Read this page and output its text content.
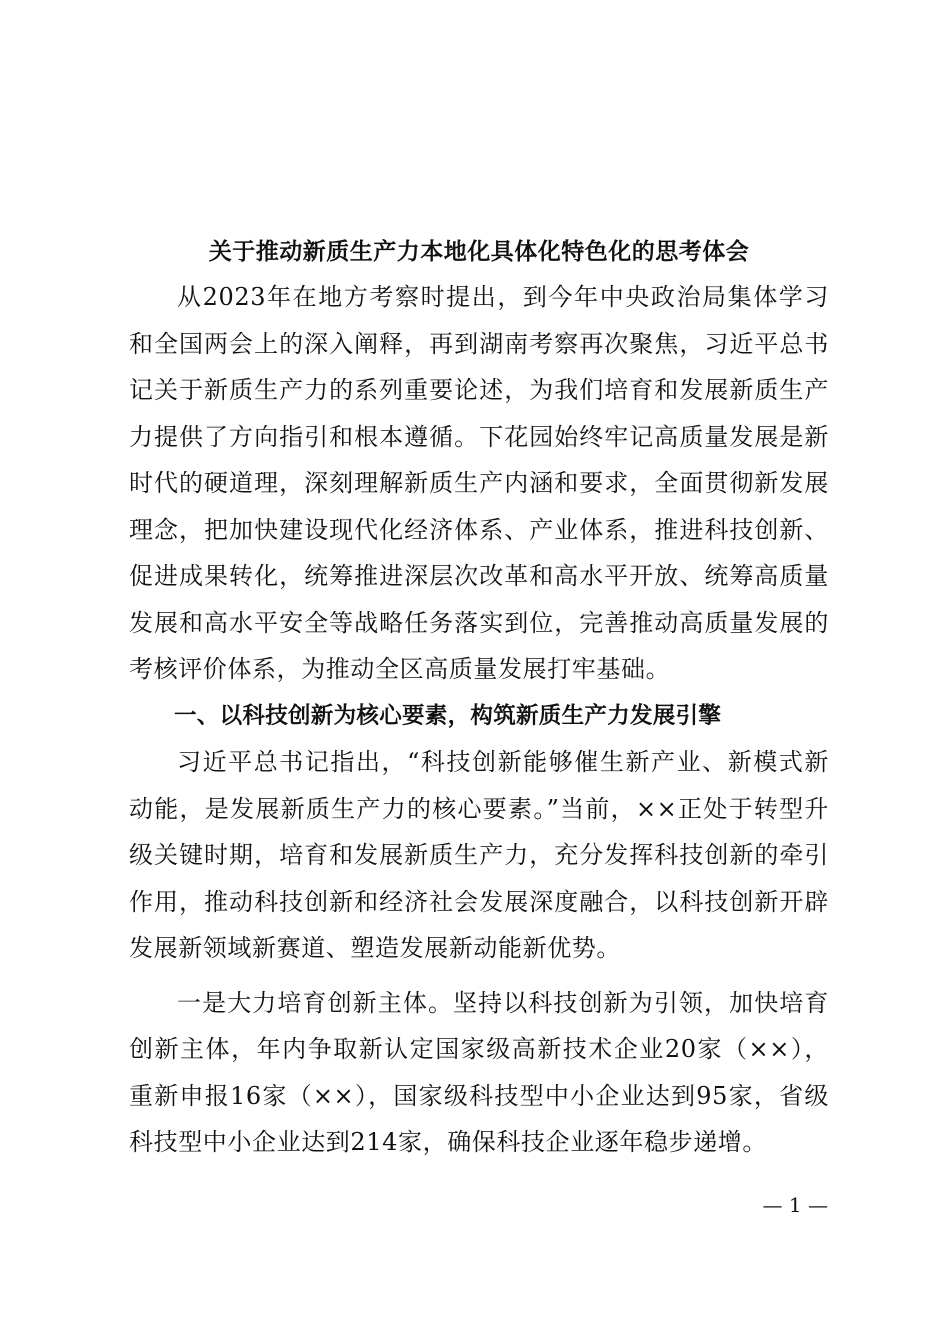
关于推动新质生产力本地化具体化特色化的思考体会

从2023年在地方考察时提出，到今年中央政治局集体学习和全国两会上的深入阐释，再到湖南考察再次聚焦，习近平总书记关于新质生产力的系列重要论述，为我们培育和发展新质生产力提供了方向指引和根本遵循。下花园始终牢记高质量发展是新时代的硬道理，深刻理解新质生产内涵和要求，全面贯彻新发展理念，把加快建设现代化经济体系、产业体系，推进科技创新、促进成果转化，统筹推进深层次改革和高水平开放、统筹高质量发展和高水平安全等战略任务落实到位，完善推动高质量发展的考核评价体系，为推动全区高质量发展打牢基础。

一、以科技创新为核心要素，构筑新质生产力发展引擎

习近平总书记指出，“科技创新能够催生新产业、新模式新动能，是发展新质生产力的核心要素。”当前，××正处于转型升级关键时期，培育和发展新质生产力，充分发挥科技创新的牵引作用，推动科技创新和经济社会发展深度融合，以科技创新开辟发展新领域新赛道、塑造发展新动能新优势。

一是大力培育创新主体。坚持以科技创新为引领，加快培育创新主体，年内争取新认定国家级高新技术企业20家（××），重新申报16家（××），国家级科技型中小企业达到95家，省级科技型中小企业达到214家，确保科技企业逐年稳步递增。

— 1 —
